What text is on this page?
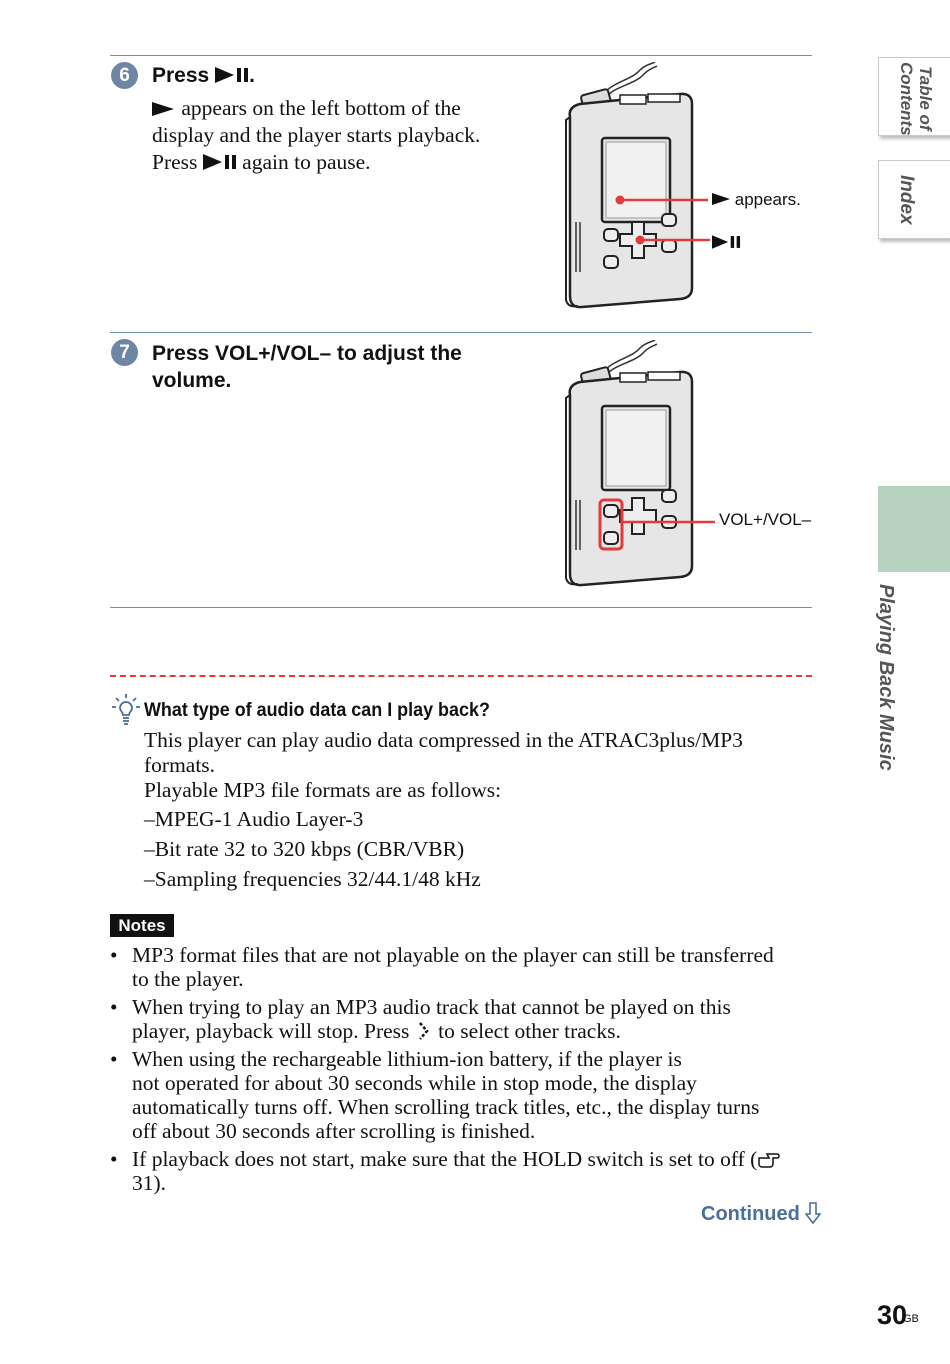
Table of Contents
Index
Playing Back Music
6	Press
.
appears on the left bottom of the
display and the player starts playback.
Press
again to pause.
appears.
7	Press VOL+/VOL– to adjust the
volume.
VOL+/VOL–
What type of audio data can I play back?
This player can play audio data compressed in the ATRAC3plus/MP3
formats.
Playable MP3 file formats are as follows:
–MPEG-1 Audio Layer-3
–Bit rate 32 to 320 kbps (CBR/VBR)
–Sampling frequencies 32/44.1/48 kHz
Notes
• MP3 format files that are not playable on the player can still be transferred
to the player.
• When trying to play an MP3 audio track that cannot be played on this
player, playback will stop. Press  to select other tracks.
• When using the rechargeable lithium-ion battery, if the player is
not operated for about 30 seconds while in stop mode, the display
automatically turns off. When scrolling track titles, etc., the display turns
off about 30 seconds after scrolling is finished.
• If playback does not start, make sure that the HOLD switch is set to off (
31).
Continued
30
GB
